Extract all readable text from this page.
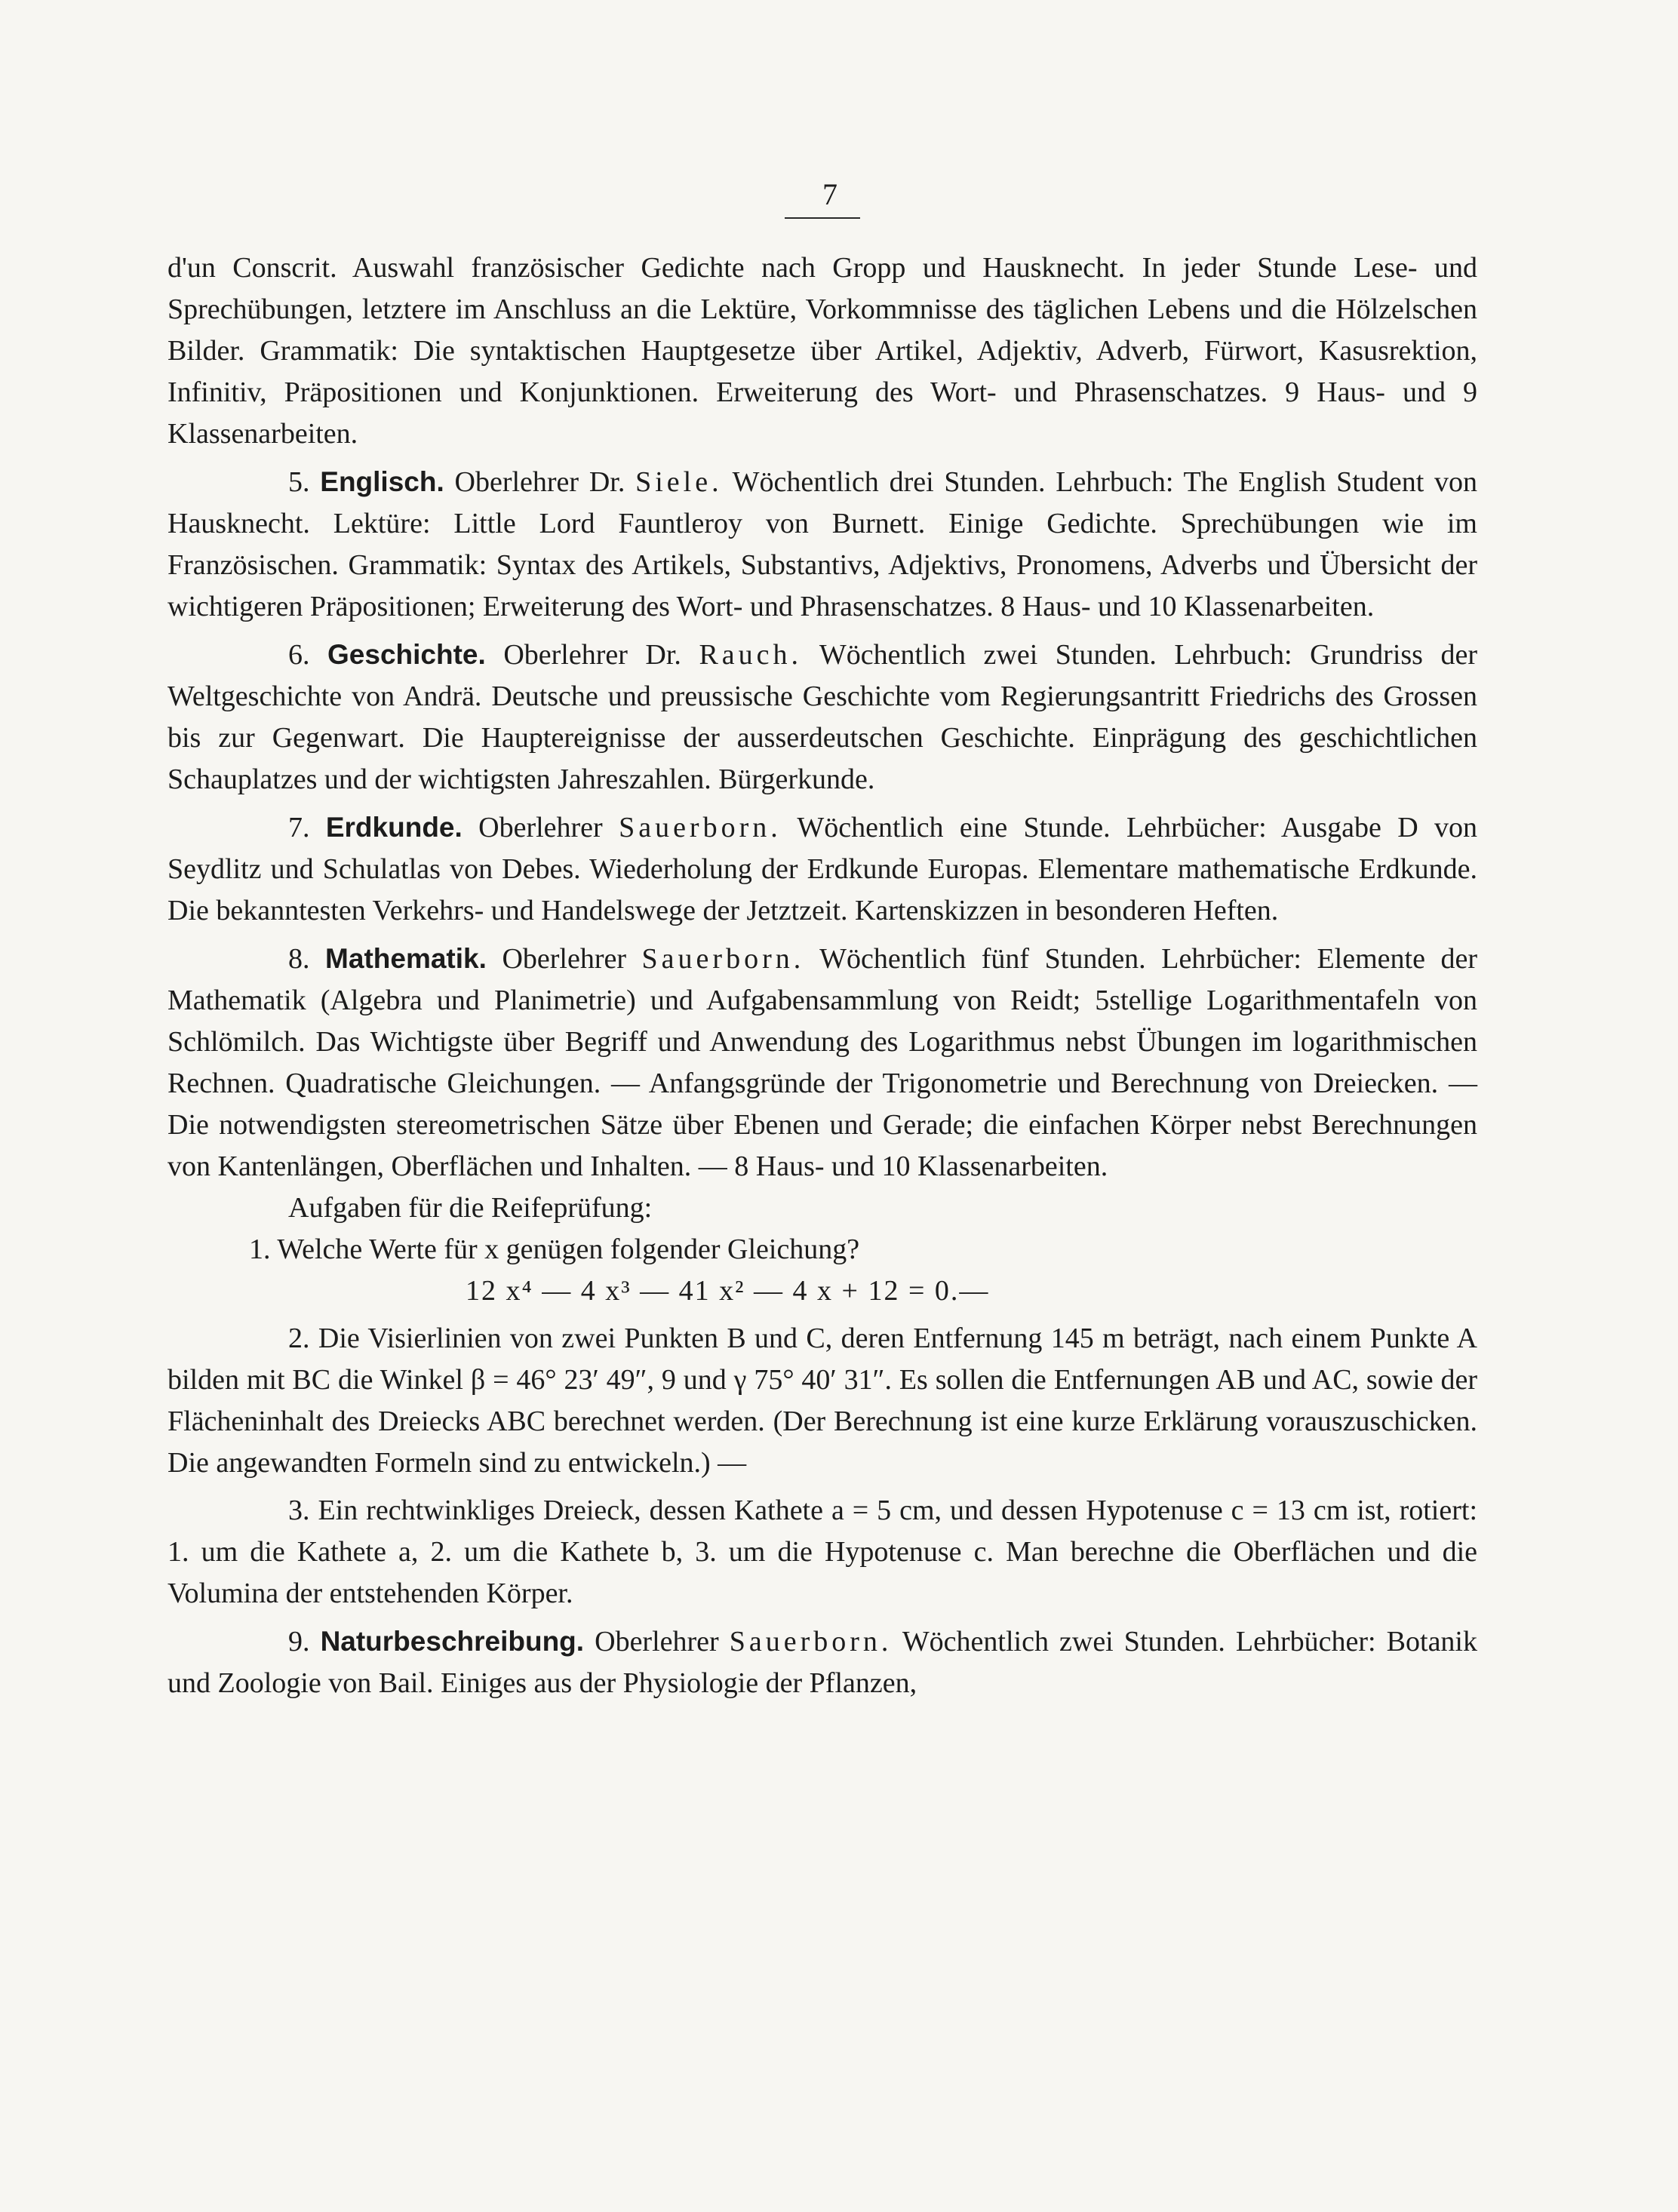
7

d'un Conscrit. Auswahl französischer Gedichte nach Gropp und Hausknecht. In jeder Stunde Lese- und Sprechübungen, letztere im Anschluss an die Lektüre, Vorkommnisse des täglichen Lebens und die Hölzelschen Bilder. Grammatik: Die syntaktischen Hauptgesetze über Artikel, Adjektiv, Adverb, Fürwort, Kasusrektion, Infinitiv, Präpositionen und Konjunktionen. Erweiterung des Wort- und Phrasenschatzes. 9 Haus- und 9 Klassenarbeiten.

5. Englisch. Oberlehrer Dr. Siele. Wöchentlich drei Stunden. Lehrbuch: The English Student von Hausknecht. Lektüre: Little Lord Fauntleroy von Burnett. Einige Gedichte. Sprechübungen wie im Französischen. Grammatik: Syntax des Artikels, Substantivs, Adjektivs, Pronomens, Adverbs und Übersicht der wichtigeren Präpositionen; Erweiterung des Wort- und Phrasenschatzes. 8 Haus- und 10 Klassenarbeiten.

6. Geschichte. Oberlehrer Dr. Rauch. Wöchentlich zwei Stunden. Lehrbuch: Grundriss der Weltgeschichte von Andrä. Deutsche und preussische Geschichte vom Regierungsantritt Friedrichs des Grossen bis zur Gegenwart. Die Hauptereignisse der ausserdeutschen Geschichte. Einprägung des geschichtlichen Schauplatzes und der wichtigsten Jahreszahlen. Bürgerkunde.

7. Erdkunde. Oberlehrer Sauerborn. Wöchentlich eine Stunde. Lehrbücher: Ausgabe D von Seydlitz und Schulatlas von Debes. Wiederholung der Erdkunde Europas. Elementare mathematische Erdkunde. Die bekanntesten Verkehrs- und Handelswege der Jetztzeit. Kartenskizzen in besonderen Heften.

8. Mathematik. Oberlehrer Sauerborn. Wöchentlich fünf Stunden. Lehrbücher: Elemente der Mathematik (Algebra und Planimetrie) und Aufgabensammlung von Reidt; 5stellige Logarithmentafeln von Schlömilch. Das Wichtigste über Begriff und Anwendung des Logarithmus nebst Übungen im logarithmischen Rechnen. Quadratische Gleichungen. — Anfangsgründe der Trigonometrie und Berechnung von Dreiecken. — Die notwendigsten stereometrischen Sätze über Ebenen und Gerade; die einfachen Körper nebst Berechnungen von Kantenlängen, Oberflächen und Inhalten. — 8 Haus- und 10 Klassenarbeiten.

Aufgaben für die Reifeprüfung:

1. Welche Werte für x genügen folgender Gleichung?

12 x⁴ — 4 x³ — 41 x² — 4 x + 12 = 0.—

2. Die Visierlinien von zwei Punkten B und C, deren Entfernung 145 m beträgt, nach einem Punkte A bilden mit BC die Winkel β = 46° 23′ 49″, 9 und γ 75° 40′ 31″. Es sollen die Entfernungen AB und AC, sowie der Flächeninhalt des Dreiecks ABC berechnet werden. (Der Berechnung ist eine kurze Erklärung vorauszuschicken. Die angewandten Formeln sind zu entwickeln.) —

3. Ein rechtwinkliges Dreieck, dessen Kathete a = 5 cm, und dessen Hypotenuse c = 13 cm ist, rotiert: 1. um die Kathete a, 2. um die Kathete b, 3. um die Hypotenuse c. Man berechne die Oberflächen und die Volumina der entstehenden Körper.

9. Naturbeschreibung. Oberlehrer Sauerborn. Wöchentlich zwei Stunden. Lehrbücher: Botanik und Zoologie von Bail. Einiges aus der Physiologie der Pflanzen,
